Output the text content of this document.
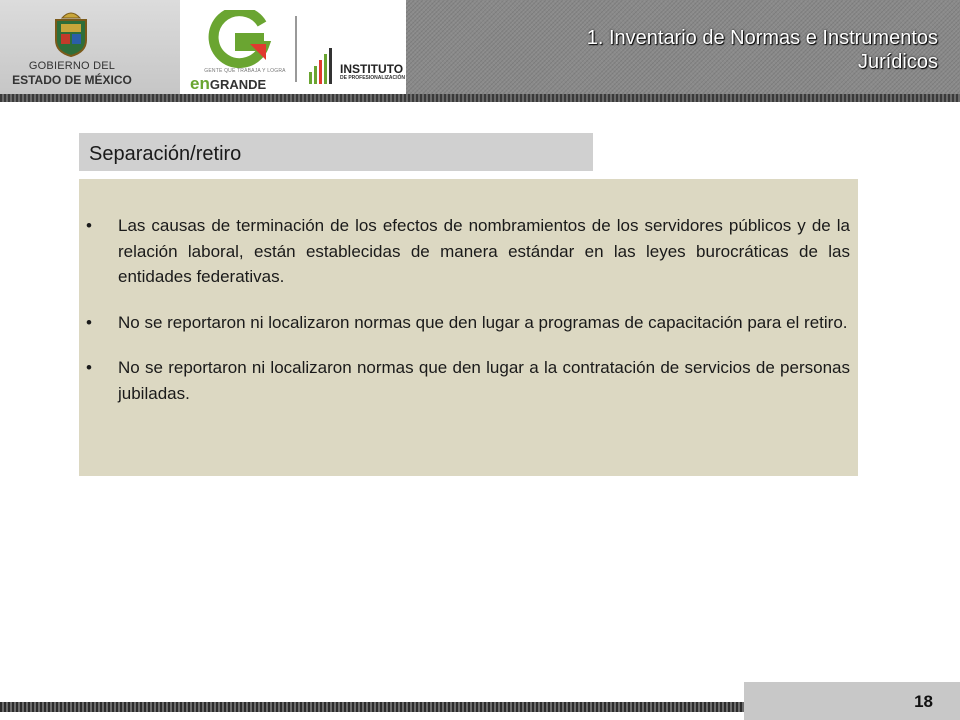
GOBIERNO DEL
ESTADO DE MÉXICO
GENTE QUE TRABAJA Y LOGRA
enGRANDE
INSTITUTO
DE PROFESIONALIZACIÓN
1. Inventario de Normas e Instrumentos Jurídicos
Separación/retiro
• Las causas de terminación de los efectos de nombramientos de los servidores públicos y de la relación laboral, están establecidas de manera estándar en las leyes burocráticas de las entidades federativas.
• No se reportaron ni localizaron normas que den lugar a programas de capacitación para el retiro.
• No se reportaron ni localizaron normas que den lugar a la contratación de servicios de personas jubiladas.
18
